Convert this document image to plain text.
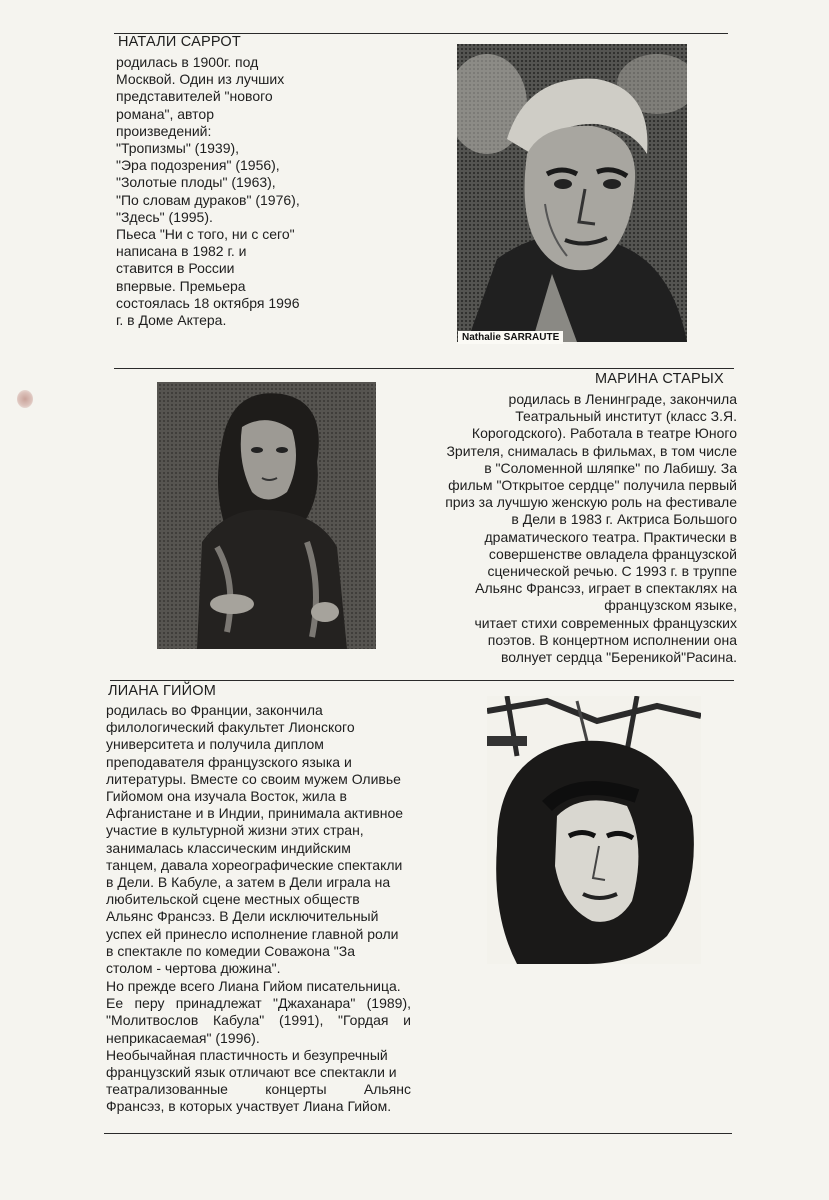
НАТАЛИ САРРОТ
родилась в 1900г. под
Москвой. Один из лучших
представителей "нового
романа", автор
произведений:
"Тропизмы" (1939),
"Эра подозрения" (1956),
"Золотые плоды" (1963),
"По словам дураков" (1976),
"Здесь" (1995).
Пьеса "Ни с того, ни с сего"
написана в 1982 г. и
ставится в России
впервые. Премьера
состоялась 18 октября 1996
г. в Доме Актера.
Nathalie SARRAUTE
МАРИНА СТАРЫХ
родилась в Ленинграде, закончила
Театральный институт (класс З.Я.
Корогодского). Работала в театре Юного
Зрителя, снималась в фильмах, в том числе
в "Соломенной шляпке" по Лабишу. За
фильм "Открытое сердце" получила первый
приз за лучшую женскую роль на фестивале
в Дели в 1983 г. Актриса Большого
драматического театра. Практически в
совершенстве овладела французской
сценической речью. С 1993 г. в труппе
Альянс Франсэз, играет в спектаклях на
французском языке,
читает стихи современных французских
поэтов. В концертном исполнении она
волнует сердца "Береникой"Расина.
ЛИАНА ГИЙОМ
родилась во Франции, закончила
филологический факультет Лионского
университета и получила диплом
преподавателя французского языка и
литературы. Вместе со своим мужем Оливье
Гийомом она изучала Восток, жила в
Афганистане и в Индии, принимала активное
участие в культурной жизни этих стран,
занималась классическим индийским
танцем, давала хореографические спектакли
в Дели. В Кабуле, а затем в Дели играла на
любительской сцене местных обществ
Альянс Франсэз. В Дели исключительный
успех ей принесло исполнение главной роли
в спектакле по комедии Соважона "За
столом - чертова дюжина".
Но прежде всего Лиана Гийом писательница.
Ее перу принадлежат "Джаханара" (1989),
"Молитвослов Кабула" (1991), "Гордая и
неприкасаемая" (1996).
Необычайная пластичность и безупречный
французский язык отличают все спектакли и
театрализованные концерты Альянс
Франсэз, в которых участвует Лиана Гийом.
